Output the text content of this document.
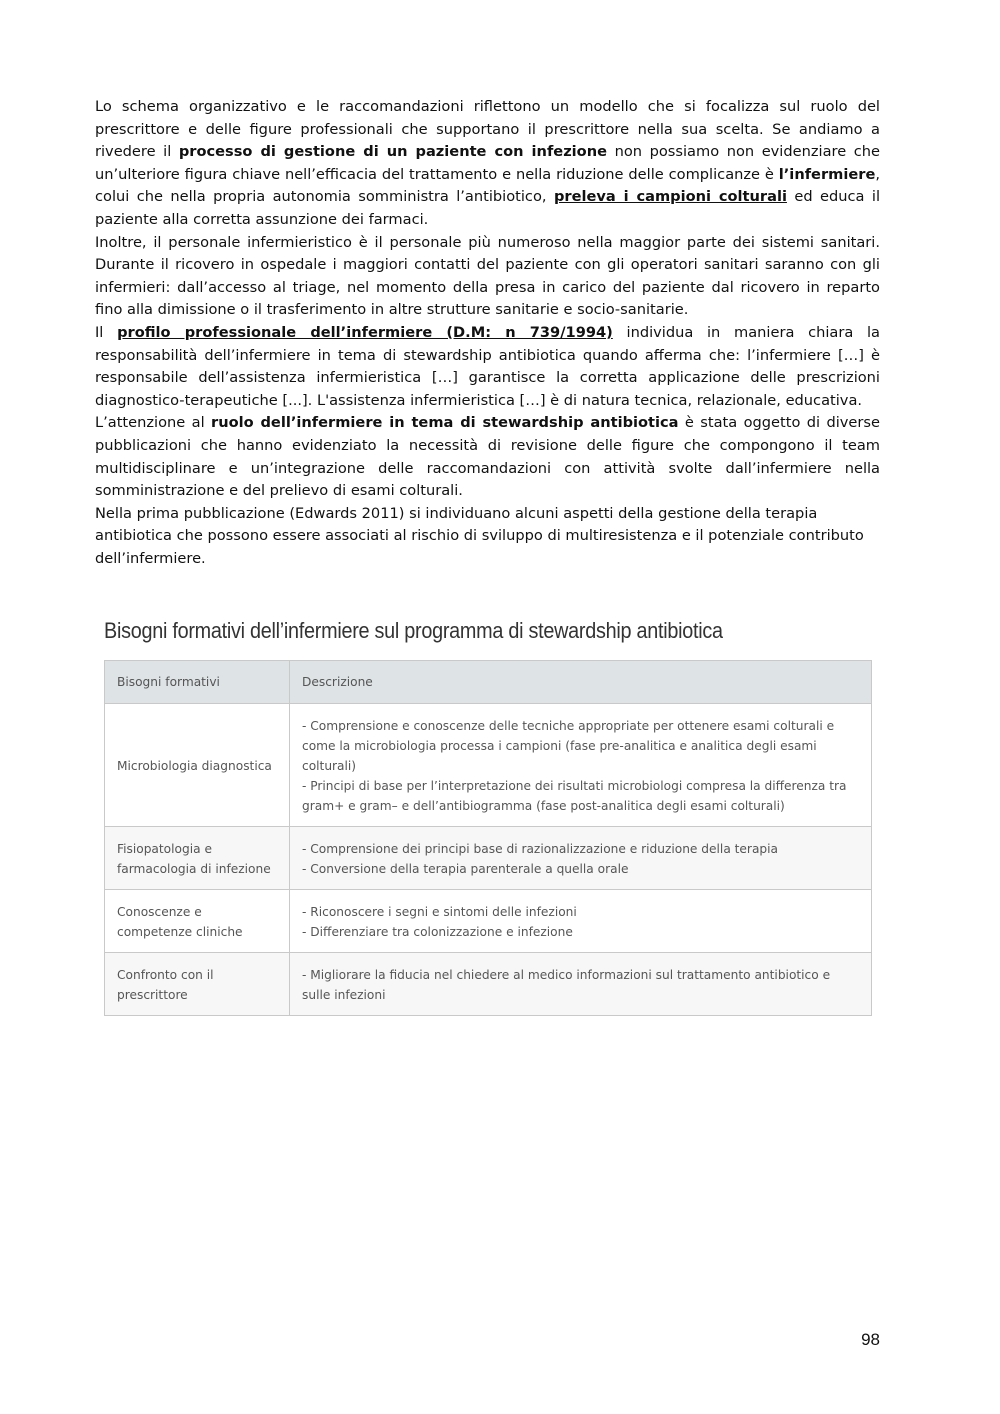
Lo schema organizzativo e le raccomandazioni riflettono un modello che si focalizza sul ruolo del prescrittore e delle figure professionali che supportano il prescrittore nella sua scelta. Se andiamo a rivedere il processo di gestione di un paziente con infezione non possiamo non evidenziare che un’ulteriore figura chiave nell’efficacia del trattamento e nella riduzione delle complicanze è l’infermiere, colui che nella propria autonomia somministra l’antibiotico, preleva i campioni colturali ed educa il paziente alla corretta assunzione dei farmaci.

Inoltre, il personale infermieristico è il personale più numeroso nella maggior parte dei sistemi sanitari. Durante il ricovero in ospedale i maggiori contatti del paziente con gli operatori sanitari saranno con gli infermieri: dall’accesso al triage, nel momento della presa in carico del paziente dal ricovero in reparto fino alla dimissione o il trasferimento in altre strutture sanitarie e socio-sanitarie.

Il profilo professionale dell’infermiere (D.M: n 739/1994) individua in maniera chiara la responsabilità dell’infermiere in tema di stewardship antibiotica quando afferma che: l’infermiere […] è responsabile dell’assistenza infermieristica […] garantisce la corretta applicazione delle prescrizioni diagnostico-terapeutiche [...]. L'assistenza infermieristica […] è di natura tecnica, relazionale, educativa.

L’attenzione al ruolo dell’infermiere in tema di stewardship antibiotica è stata oggetto di diverse pubblicazioni che hanno evidenziato la necessità di revisione delle figure che compongono il team multidisciplinare e un’integrazione delle raccomandazioni con attività svolte dall’infermiere nella somministrazione e del prelievo di esami colturali.

Nella prima pubblicazione (Edwards 2011) si individuano alcuni aspetti della gestione della terapia antibiotica che possono essere associati al rischio di sviluppo di multiresistenza e il potenziale contributo dell’infermiere.

Bisogni formativi dell’infermiere sul programma di stewardship antibiotica
Bisogni formativi	Descrizione

Microbiologia diagnostica	- Comprensione e conoscenze delle tecniche appropriate per ottenere esami colturali e
come la microbiologia processa i campioni (fase pre-analitica e analitica degli esami
colturali)
- Principi di base per l’interpretazione dei risultati microbiologi compresa la differenza tra
gram+ e gram– e dell’antibiogramma (fase post-analitica degli esami colturali)

Fisiopatologia e
farmacologia di infezione	- Comprensione dei principi base di razionalizzazione e riduzione della terapia
- Conversione della terapia parenterale a quella orale

Conoscenze e
competenze cliniche	- Riconoscere i segni e sintomi delle infezioni
- Differenziare tra colonizzazione e infezione

Confronto con il
prescrittore	- Migliorare la fiducia nel chiedere al medico informazioni sul trattamento antibiotico e
sulle infezioni
98
